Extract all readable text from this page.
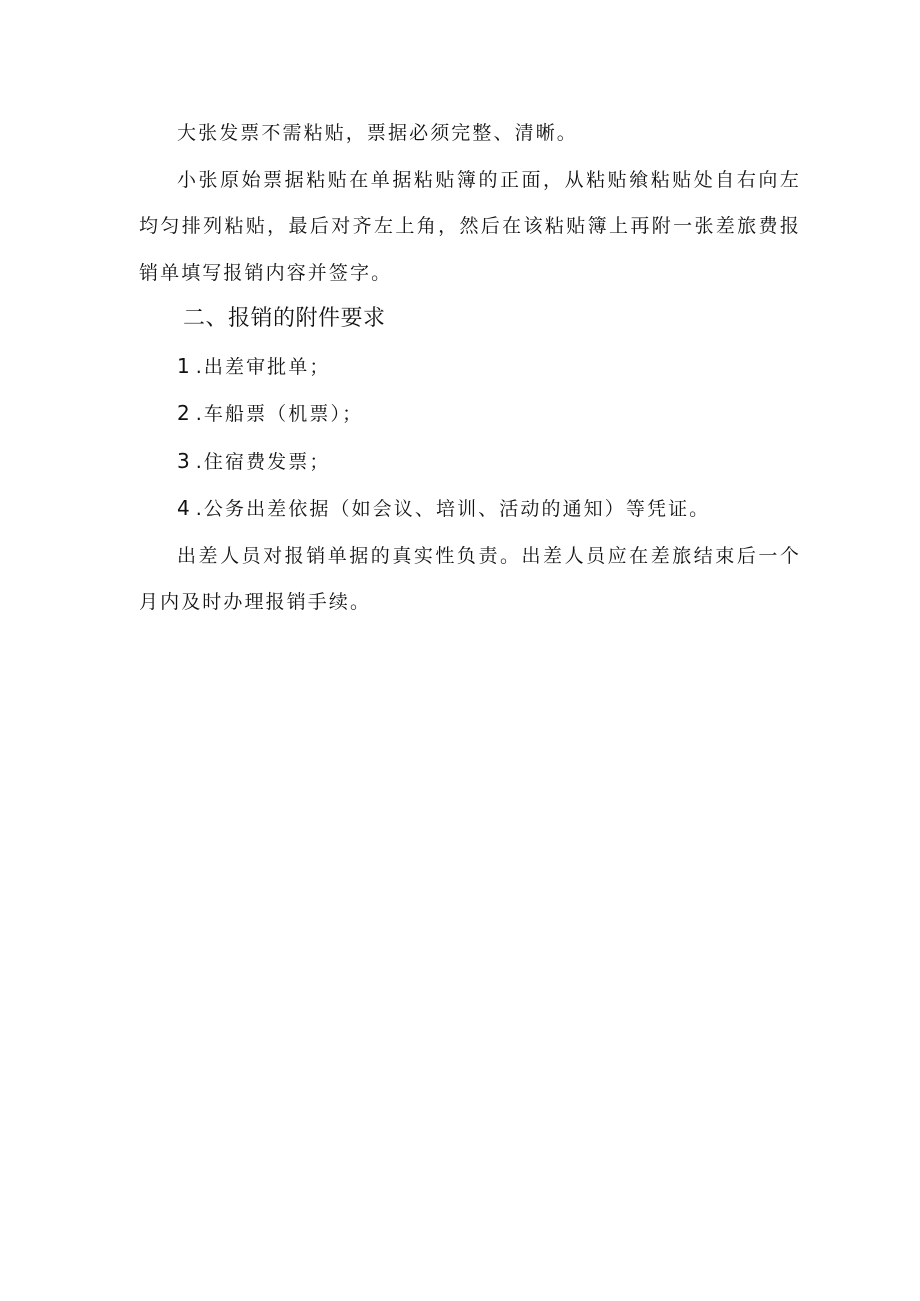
大张发票不需粘贴，票据必须完整、清晰。

小张原始票据粘贴在单据粘贴簿的正面，从粘贴飨粘贴处自右向左均匀排列粘贴，最后对齐左上角，然后在该粘贴簿上再附一张差旅费报销单填写报销内容并签字。

二、报销的附件要求

1 .出差审批单；

2 .车船票（机票）；

3 .住宿费发票；

4 .公务出差依据（如会议、培训、活动的通知）等凭证。

出差人员对报销单据的真实性负责。出差人员应在差旅结束后一个月内及时办理报销手续。
